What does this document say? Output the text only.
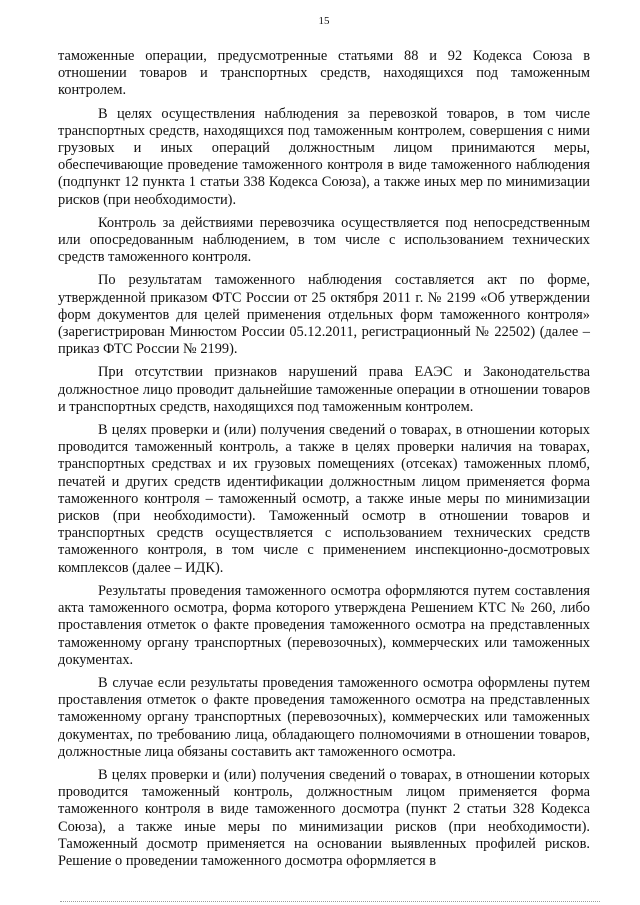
15

таможенные операции, предусмотренные статьями 88 и 92 Кодекса Союза в отношении товаров и транспортных средств, находящихся под таможенным контролем.

В целях осуществления наблюдения за перевозкой товаров, в том числе транспортных средств, находящихся под таможенным контролем, совершения с ними грузовых и иных операций должностным лицом принимаются меры, обеспечивающие проведение таможенного контроля в виде таможенного наблюдения (подпункт 12 пункта 1 статьи 338 Кодекса Союза), а также иных мер по минимизации рисков (при необходимости).

Контроль за действиями перевозчика осуществляется под непосредственным или опосредованным наблюдением, в том числе с использованием технических средств таможенного контроля.

По результатам таможенного наблюдения составляется акт по форме, утвержденной приказом ФТС России от 25 октября 2011 г. № 2199 «Об утверждении форм документов для целей применения отдельных форм таможенного контроля» (зарегистрирован Минюстом России 05.12.2011, регистрационный № 22502) (далее – приказ ФТС России № 2199).

При отсутствии признаков нарушений права ЕАЭС и Законодательства должностное лицо проводит дальнейшие таможенные операции в отношении товаров и транспортных средств, находящихся под таможенным контролем.

В целях проверки и (или) получения сведений о товарах, в отношении которых проводится таможенный контроль, а также в целях проверки наличия на товарах, транспортных средствах и их грузовых помещениях (отсеках) таможенных пломб, печатей и других средств идентификации должностным лицом применяется форма таможенного контроля – таможенный осмотр, а также иные меры по минимизации рисков (при необходимости). Таможенный осмотр в отношении товаров и транспортных средств осуществляется с использованием технических средств таможенного контроля, в том числе с применением инспекционно-досмотровых комплексов (далее – ИДК).

Результаты проведения таможенного осмотра оформляются путем составления акта таможенного осмотра, форма которого утверждена Решением КТС № 260, либо проставления отметок о факте проведения таможенного осмотра на представленных таможенному органу транспортных (перевозочных), коммерческих или таможенных документах.

В случае если результаты проведения таможенного осмотра оформлены путем проставления отметок о факте проведения таможенного осмотра на представленных таможенному органу транспортных (перевозочных), коммерческих или таможенных документах, по требованию лица, обладающего полномочиями в отношении товаров, должностные лица обязаны составить акт таможенного осмотра.

В целях проверки и (или) получения сведений о товарах, в отношении которых проводится таможенный контроль, должностным лицом применяется форма таможенного контроля в виде таможенного досмотра (пункт 2 статьи 328 Кодекса Союза), а также иные меры по минимизации рисков (при необходимости). Таможенный досмотр применяется на основании выявленных профилей рисков. Решение о проведении таможенного досмотра оформляется в
